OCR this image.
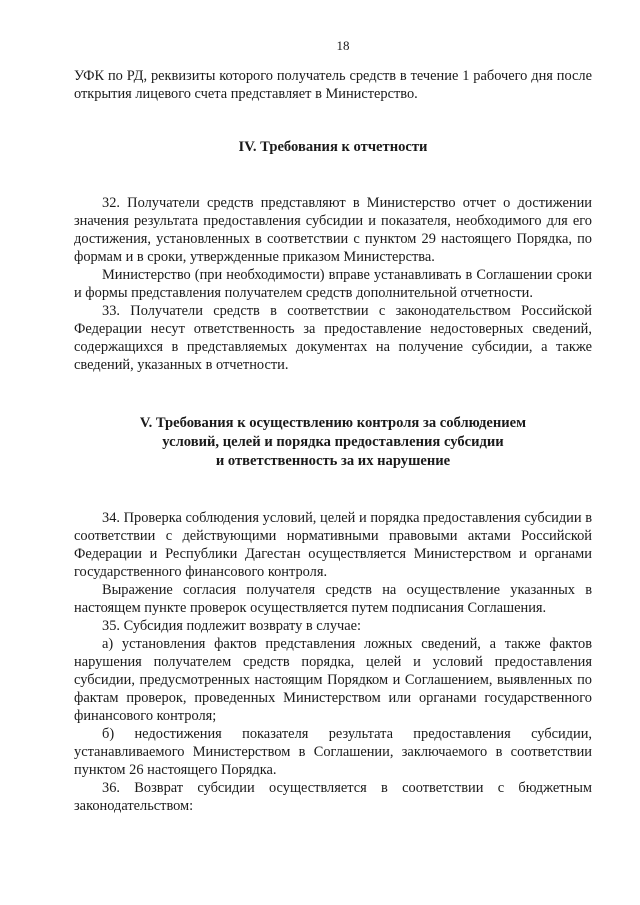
18

УФК по РД, реквизиты которого получатель средств в течение 1 рабочего дня после открытия лицевого счета представляет в Министерство.

IV. Требования к отчетности

32. Получатели средств представляют в Министерство отчет о достижении значения результата предоставления субсидии и показателя, необходимого для его достижения, установленных в соответствии с пунктом 29 настоящего Порядка, по формам и в сроки, утвержденные приказом Министерства.

Министерство (при необходимости) вправе устанавливать в Соглашении сроки и формы представления получателем средств дополнительной отчетности.

33. Получатели средств в соответствии с законодательством Российской Федерации несут ответственность за предоставление недостоверных сведений, содержащихся в представляемых документах на получение субсидии, а также сведений, указанных в отчетности.

V. Требования к осуществлению контроля за соблюдением
условий, целей и порядка предоставления субсидии
и ответственность за их нарушение

34. Проверка соблюдения условий, целей и порядка предоставления субсидии в соответствии с действующими нормативными правовыми актами Российской Федерации и Республики Дагестан осуществляется Министерством и органами государственного финансового контроля.

Выражение согласия получателя средств на осуществление указанных в настоящем пункте проверок осуществляется путем подписания Соглашения.

35. Субсидия подлежит возврату в случае:

а) установления фактов представления ложных сведений, а также фактов нарушения получателем средств порядка, целей и условий предоставления субсидии, предусмотренных настоящим Порядком и Соглашением, выявленных по фактам проверок, проведенных Министерством или органами государственного финансового контроля;

б) недостижения показателя результата предоставления субсидии, устанавливаемого Министерством в Соглашении, заключаемого в соответствии пунктом 26 настоящего Порядка.

36. Возврат субсидии осуществляется в соответствии с бюджетным законодательством:
